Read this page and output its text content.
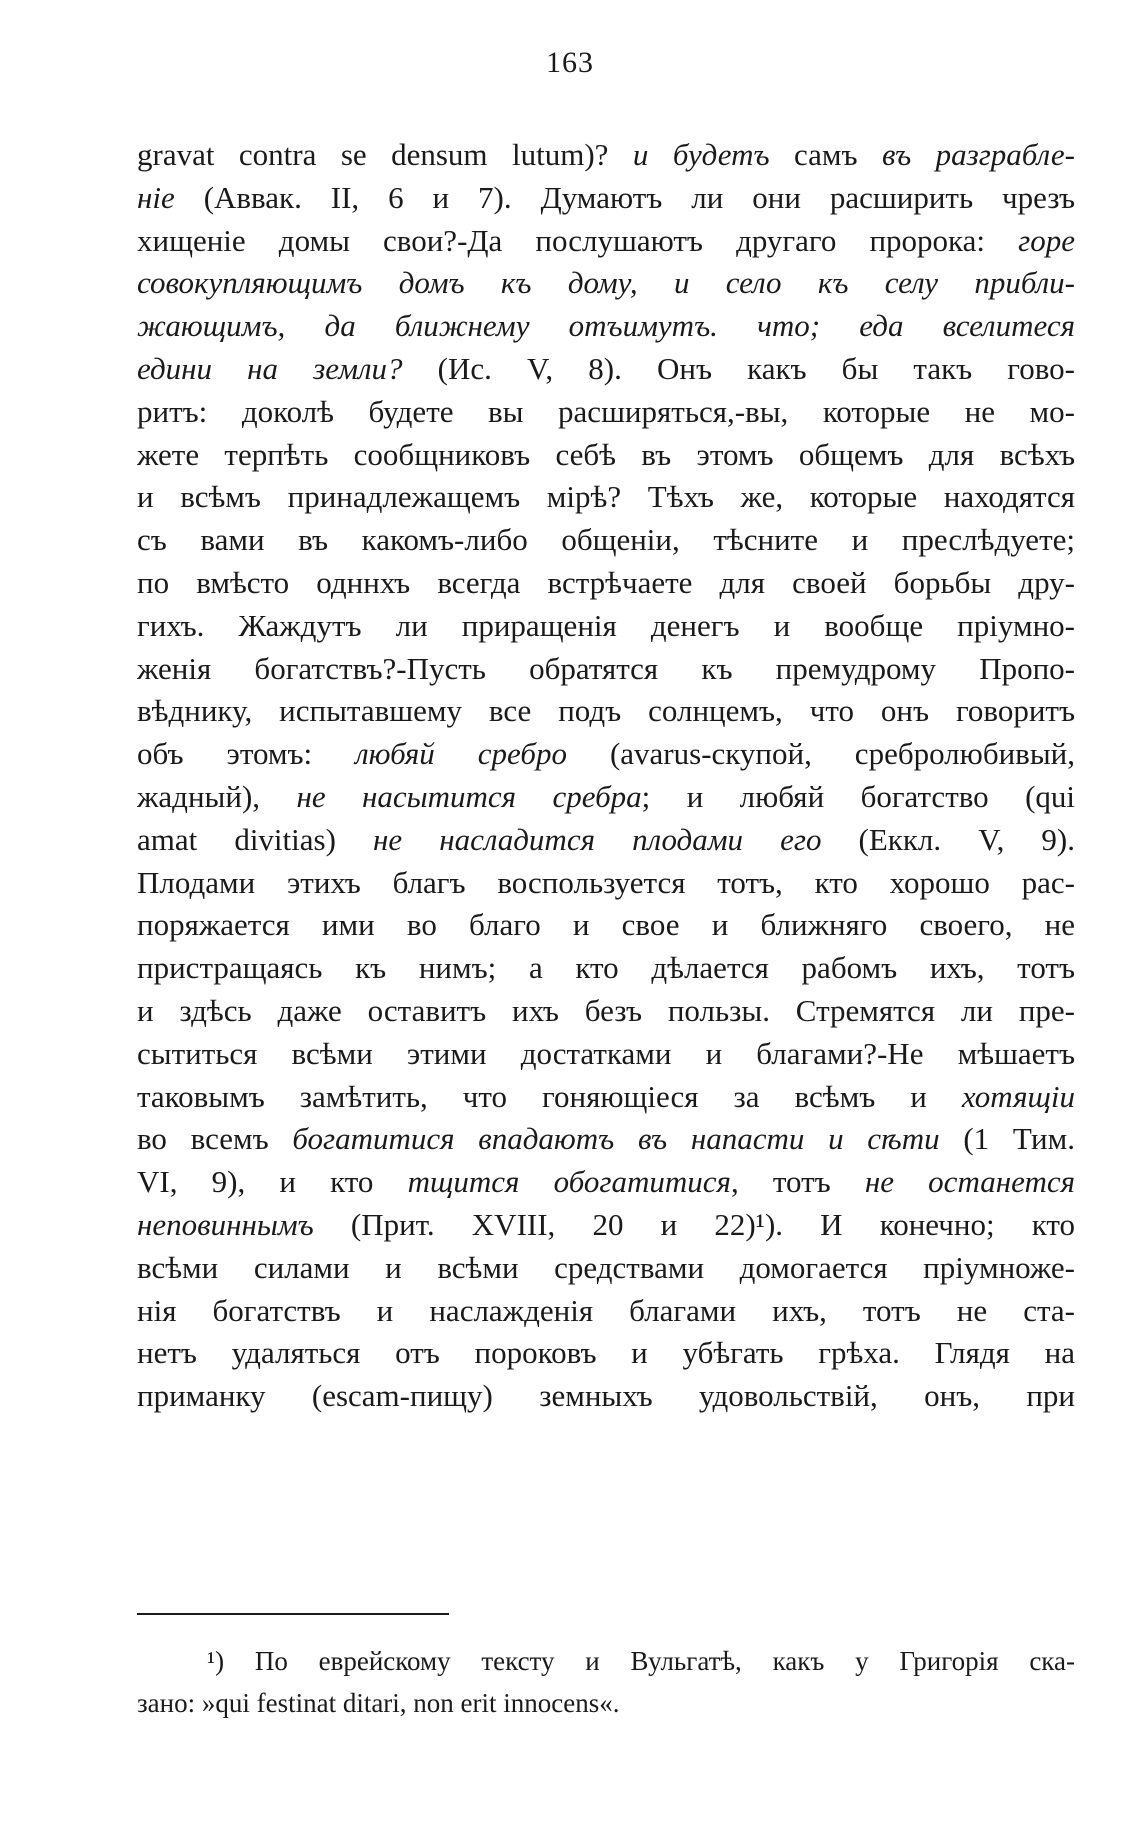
163
gravat contra se densum lutum)? и будетъ самъ въ разграбле-
ніе (Аввак. II, 6 и 7). Думаютъ ли они расширить чрезъ
хищеніе домы свои?-Да послушаютъ другаго пророка: горе
совокупляющимъ домъ къ дому, и село къ селу прибли-
жающимъ, да ближнему отъимутъ. что; еда вселитеся
едини на земли? (Ис. V, 8). Онъ какъ бы такъ гово-
ритъ: доколѣ будете вы расширяться,-вы, которые не мо-
жете терпѣть сообщниковъ себѣ въ этомъ общемъ для всѣхъ
и всѣмъ принадлежащемъ мірѣ? Тѣхъ же, которые находятся
съ вами въ какомъ-либо общеніи, тѣсните и преслѣдуете;
по вмѣсто одннхъ всегда встрѣчаете для своей борьбы дру-
гихъ. Жаждутъ ли приращенія денегъ и вообще пріумно-
женія богатствъ?-Пусть обратятся къ премудрому Пропо-
вѣднику, испытавшему все подъ солнцемъ, что онъ говоритъ
объ этомъ: любяй сребро (avarus-скупой, сребролюбивый,
жадный), не насытится сребра; и любяй богатство (qui
amat divitias) не насладится плодами его (Еккл. V, 9).
Плодами этихъ благъ воспользуется тотъ, кто хорошо рас-
поряжается ими во благо и свое и ближняго своего, не
пристращаясь къ нимъ; а кто дѣлается рабомъ ихъ, тотъ
и здѣсь даже оставитъ ихъ безъ пользы. Стремятся ли пре-
сытиться всѣми этими достатками и благами?-Не мѣшаетъ
таковымъ замѣтить, что гоняющіеся за всѣмъ и хотящіи
во всемъ богатитися впадаютъ въ напасти и сѣти (1 Тим.
VI, 9), и кто тщится обогатитися, тотъ не останется
неповиннымъ (Прит. XVIII, 20 и 22)¹). И конечно; кто
всѣми силами и всѣми средствами домогается пріумноже-
нія богатствъ и наслажденія благами ихъ, тотъ не ста-
нетъ удаляться отъ пороковъ и убѣгать грѣха. Глядя на
приманку (escam-пищу) земныхъ удовольствій, онъ, при
¹) По еврейскому тексту и Вульгатѣ, какъ у Григорія ска-
зано: »qui festinat ditari, non erit innocens«.
